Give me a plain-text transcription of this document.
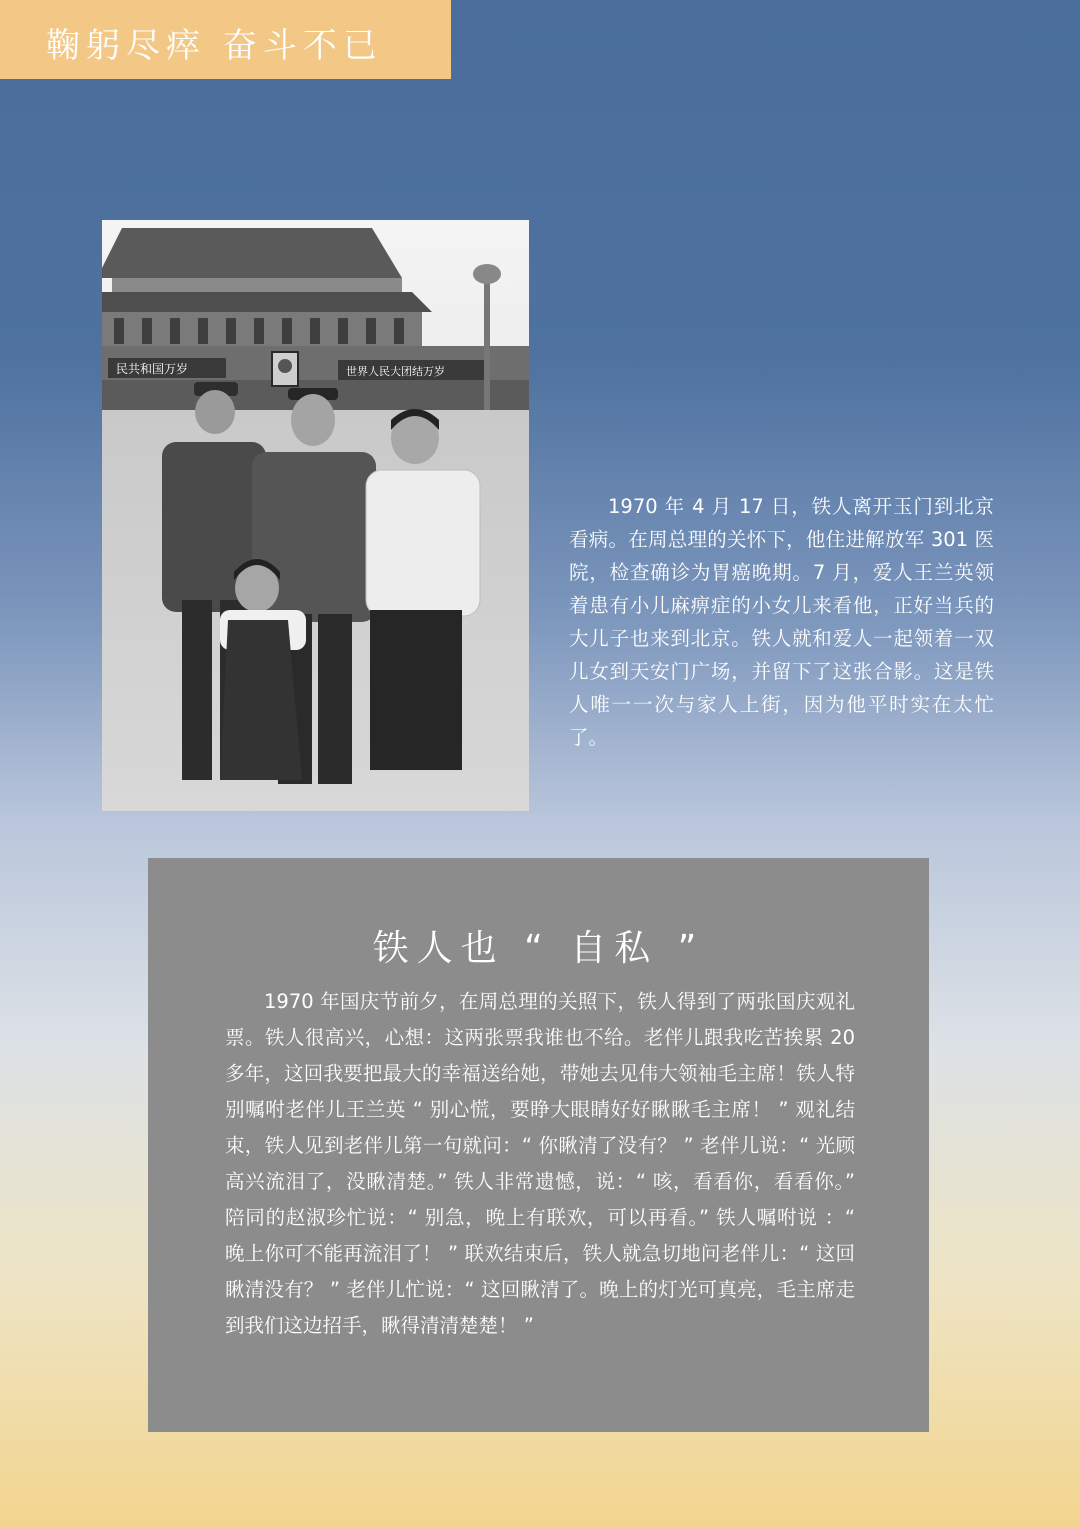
鞠躬尽瘁 奋斗不已
民共和国万岁	世界人民大团结万岁
1970 年 4 月 17 日，铁人离开玉门到北京看病。在周总理的关怀下，他住进解放军 301 医院，检查确诊为胃癌晚期。7 月，爱人王兰英领着患有小儿麻痹症的小女儿来看他，正好当兵的大儿子也来到北京。铁人就和爱人一起领着一双儿女到天安门广场，并留下了这张合影。这是铁人唯一一次与家人上街，因为他平时实在太忙了。
铁人也 “ 自私 ”
1970 年国庆节前夕，在周总理的关照下，铁人得到了两张国庆观礼票。铁人很高兴，心想：这两张票我谁也不给。老伴儿跟我吃苦挨累 20 多年，这回我要把最大的幸福送给她，带她去见伟大领袖毛主席！铁人特别嘱咐老伴儿王兰英 “ 别心慌，要睁大眼睛好好瞅瞅毛主席！ ” 观礼结束，铁人见到老伴儿第一句就问：“ 你瞅清了没有？ ” 老伴儿说：“ 光顾高兴流泪了，没瞅清楚。” 铁人非常遗憾，说：“ 咳，看看你，看看你。” 陪同的赵淑珍忙说：“ 别急，晚上有联欢，可以再看。” 铁人嘱咐说 ：“ 晚上你可不能再流泪了！ ” 联欢结束后，铁人就急切地问老伴儿：“ 这回瞅清没有？ ” 老伴儿忙说：“ 这回瞅清了。晚上的灯光可真亮，毛主席走到我们这边招手，瞅得清清楚楚！ ”
